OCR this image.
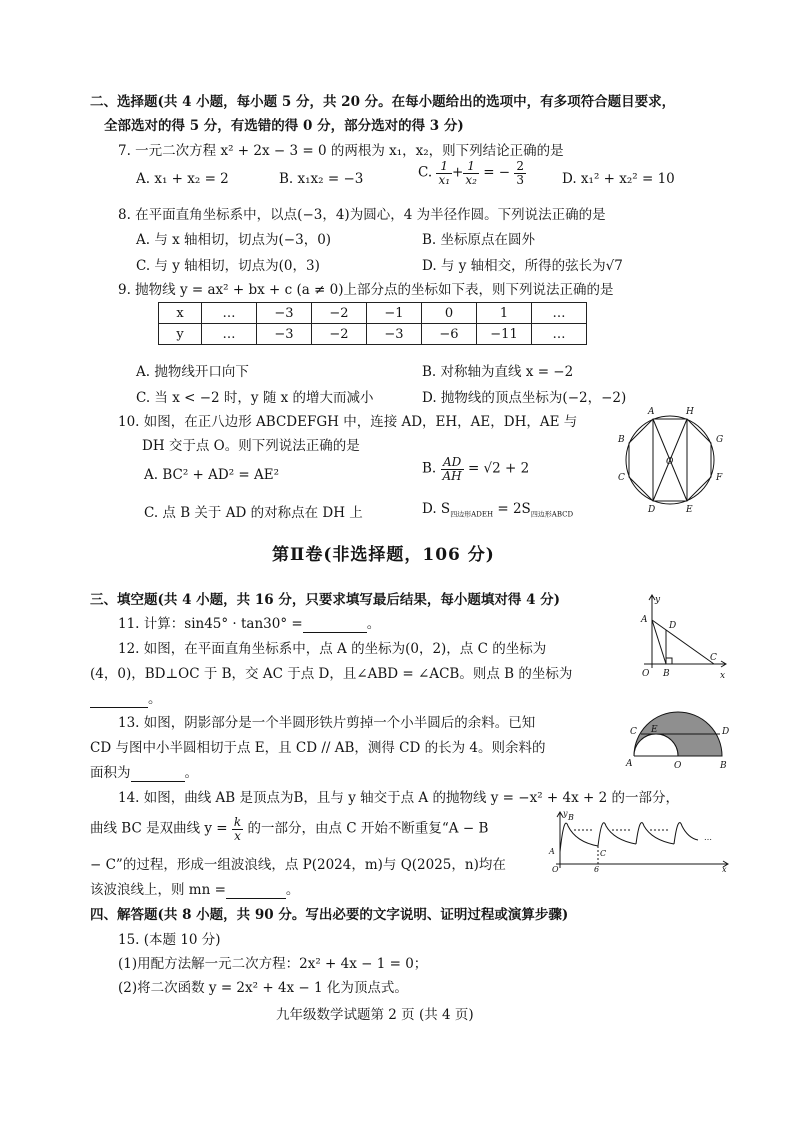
二、选择题(共 4 小题，每小题 5 分，共 20 分。在每小题给出的选项中，有多项符合题目要求，
全部选对的得 5 分，有选错的得 0 分，部分选对的得 3 分)
7. 一元二次方程 x² + 2x − 3 = 0 的两根为 x₁，x₂，则下列结论正确的是
A. x₁ + x₂ = 2	B. x₁x₂ = −3	C. $\frac{1}{\text{x₁}} + \frac{1}{\text{x₂}}$ = − $\frac{2}{3}$	D. x₁² + x₂² = 10
8. 在平面直角坐标系中，以点(−3，4)为圆心，4 为半径作圆。下列说法正确的是
A. 与 x 轴相切，切点为(−3，0)	B. 坐标原点在圆外
C. 与 y 轴相切，切点为(0，3)	D. 与 y 轴相交，所得的弦长为√7
9. 抛物线 y = ax² + bx + c (a ≠ 0)上部分点的坐标如下表，则下列说法正确的是
x	…	−3	−2	−1	0	1	…
y	…	−3	−2	−3	−6	−11	…
A. 抛物线开口向下	B. 对称轴为直线 x = −2
C. 当 x < −2 时，y 随 x 的增大而减小	D. 抛物线的顶点坐标为(−2，−2)
10. 如图，在正八边形 ABCDEFGH 中，连接 AD，EH，AE，DH，AE 与
DH 交于点 O。则下列说法正确的是
A. BC² + AD² = AE²	B. $\frac{AD}{AH} = √2 + 2$
C. 点 B 关于 AD 的对称点在 DH 上	D. $S_{四边形ADEH} = 2S_{四边形ABCD}$
A	H
B	G
O
C	F
D	E
第Ⅱ卷(非选择题，106 分)
三、填空题(共 4 小题，共 16 分，只要求填写最后结果，每小题填对得 4 分)
11. 计算：sin45° · tan30° =	。
12. 如图，在平面直角坐标系中，点 A 的坐标为(0，2)，点 C 的坐标为
(4，0)，BD⊥OC 于 B，交 AC 于点 D，且∠ABD = ∠ACB。则点 B 的坐标为
。
y
A
D
O B
C
x
13. 如图，阴影部分是一个半圆形铁片剪掉一个小半圆后的余料。已知
CD 与图中小半圆相切于点 E，且 CD // AB，测得 CD 的长为 4。则余料的
面积为	。
C E	D
A	O	B
14. 如图，曲线 AB 是顶点为B，且与 y 轴交于点 A 的抛物线 y = −x² + 4x + 2 的一部分，
曲线 BC 是双曲线 $y = \frac{k}{x}$ 的一部分，由点 C 开始不断重复“A − B
− C”的过程，形成一组波浪线，点 P(2024，m)与 Q(2025，n)均在
该波浪线上，则 mn =	。
B
A	C
O	6
y
x
…
四、解答题(共 8 小题，共 90 分。写出必要的文字说明、证明过程或演算步骤)
15. (本题 10 分)
(1)用配方法解一元二次方程：2x² + 4x − 1 = 0；
(2)将二次函数 y = 2x² + 4x − 1 化为顶点式。
九年级数学试题第 2 页 (共 4 页)
